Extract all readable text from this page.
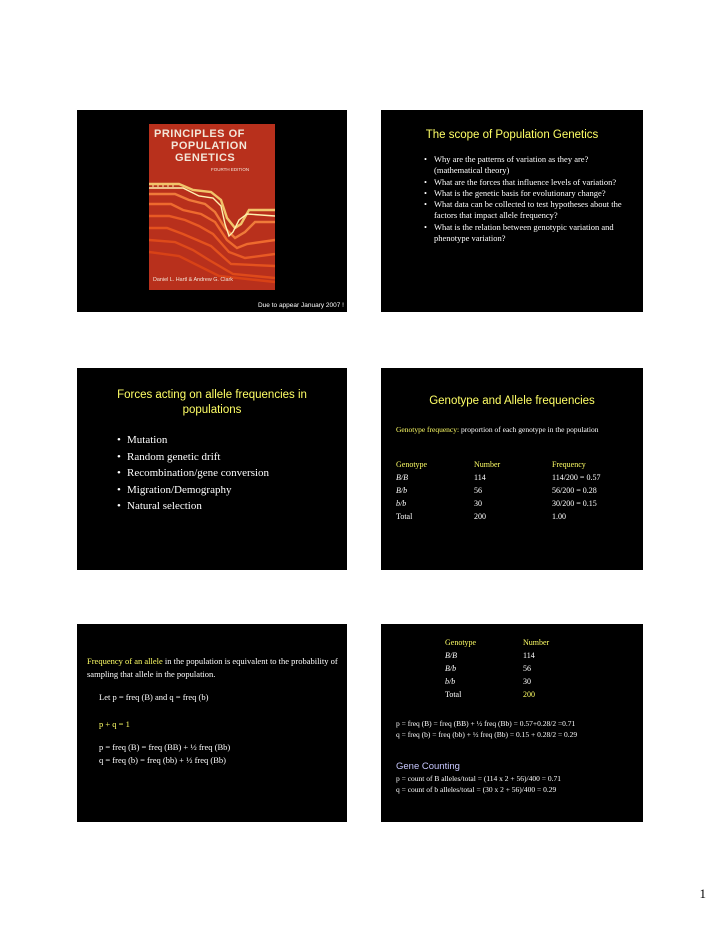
PRINCIPLES OF
POPULATION
GENETICS
FOURTH EDITION
Daniel L. Hartl & Andrew G. Clark
Due to appear January 2007 !
The scope of Population Genetics
• Why are the patterns of variation as they are? (mathematical theory)
• What are the forces that influence levels of variation?
• What is the genetic basis for evolutionary change?
• What data can be collected to test hypotheses about the factors that impact allele frequency?
• What is the relation between genotypic variation and phenotype variation?
Forces acting on allele frequencies in populations
• Mutation
• Random genetic drift
• Recombination/gene conversion
• Migration/Demography
• Natural selection
Genotype and Allele frequencies
Genotype frequency: proportion of each genotype in the population
Genotype	Number	Frequency
B/B	114	114/200 = 0.57
B/b	56	56/200 = 0.28
b/b	30	30/200 = 0.15
Total	200	1.00
Frequency of an allele in the population is equivalent to the probability of sampling that allele in the population.
Let p = freq (B) and q = freq (b)
p + q = 1
p = freq (B) = freq (BB) + ½ freq (Bb)
q = freq (b) = freq (bb) + ½ freq (Bb)
Genotype	Number
B/B	114
B/b	56
b/b	30
Total	200
p = freq (B) = freq (BB) + ½ freq (Bb) = 0.57+0.28/2 =0.71
q = freq (b) = freq (bb) + ½ freq (Bb) = 0.15 + 0.28/2 = 0.29
Gene Counting
p = count of B alleles/total = (114 x 2 + 56)/400 = 0.71
q = count of b alleles/total = (30 x 2 + 56)/400 = 0.29
1
